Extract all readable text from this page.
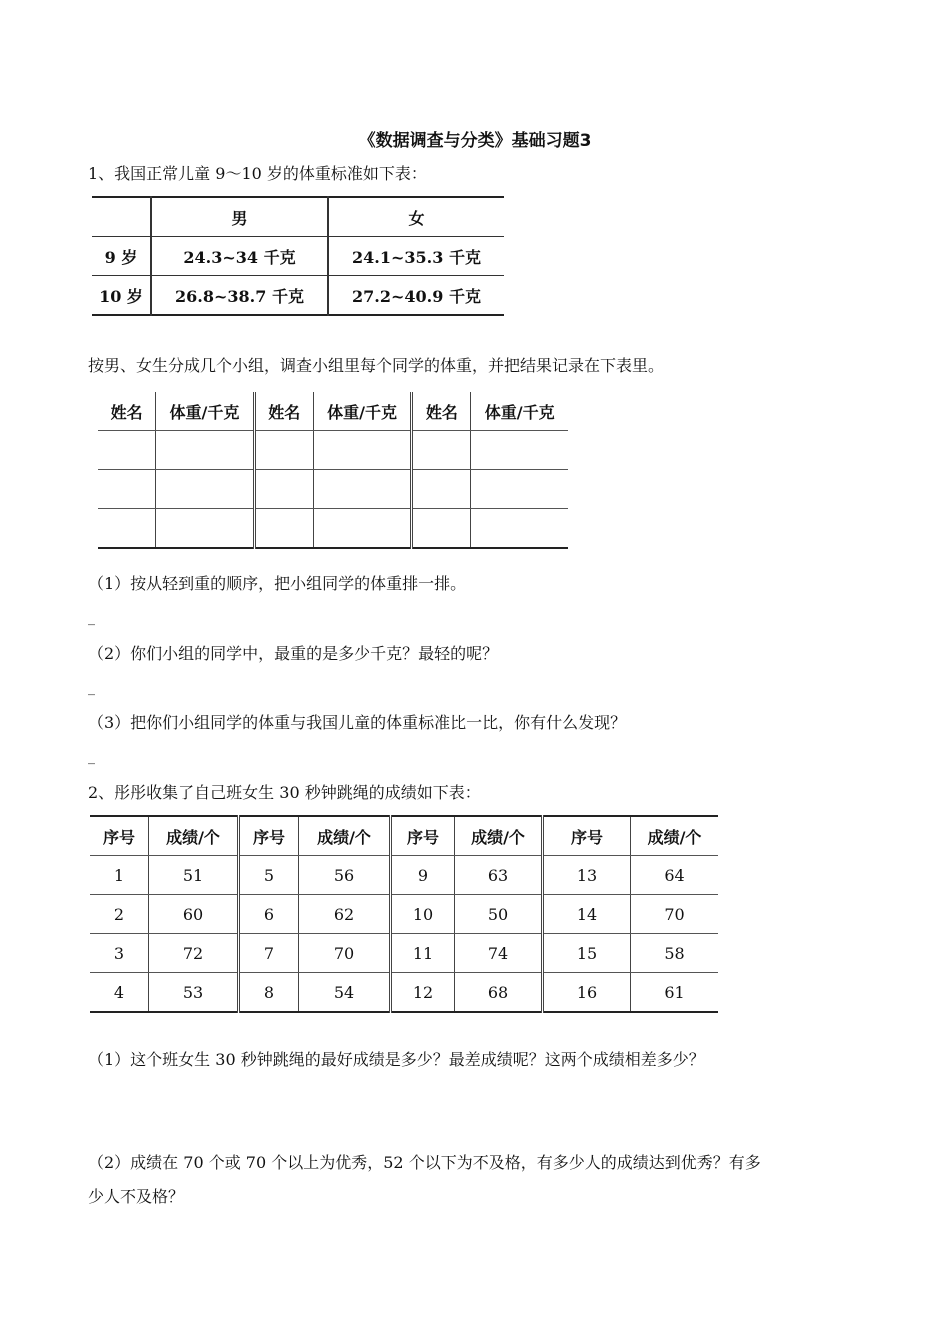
《数据调查与分类》基础习题3
1、我国正常儿童 9～10 岁的体重标准如下表：
	男	女
9 岁	24.3~34 千克	24.1~35.3 千克
10 岁	26.8~38.7 千克	27.2~40.9 千克
按男、女生分成几个小组，调查小组里每个同学的体重，并把结果记录在下表里。
姓名	体重/千克	姓名	体重/千克	姓名	体重/千克

（1）按从轻到重的顺序，把小组同学的体重排一排。
_
（2）你们小组的同学中，最重的是多少千克？最轻的呢？
_
（3）把你们小组同学的体重与我国儿童的体重标准比一比，你有什么发现？
_
2、彤彤收集了自己班女生 30 秒钟跳绳的成绩如下表：
序号	成绩/个	序号	成绩/个	序号	成绩/个	序号	成绩/个
1	51	5	56	9	63	13	64
2	60	6	62	10	50	14	70
3	72	7	70	11	74	15	58
4	53	8	54	12	68	16	61
（1）这个班女生 30 秒钟跳绳的最好成绩是多少？最差成绩呢？这两个成绩相差多少？
（2）成绩在 70 个或 70 个以上为优秀，52 个以下为不及格，有多少人的成绩达到优秀？有多
少人不及格？
